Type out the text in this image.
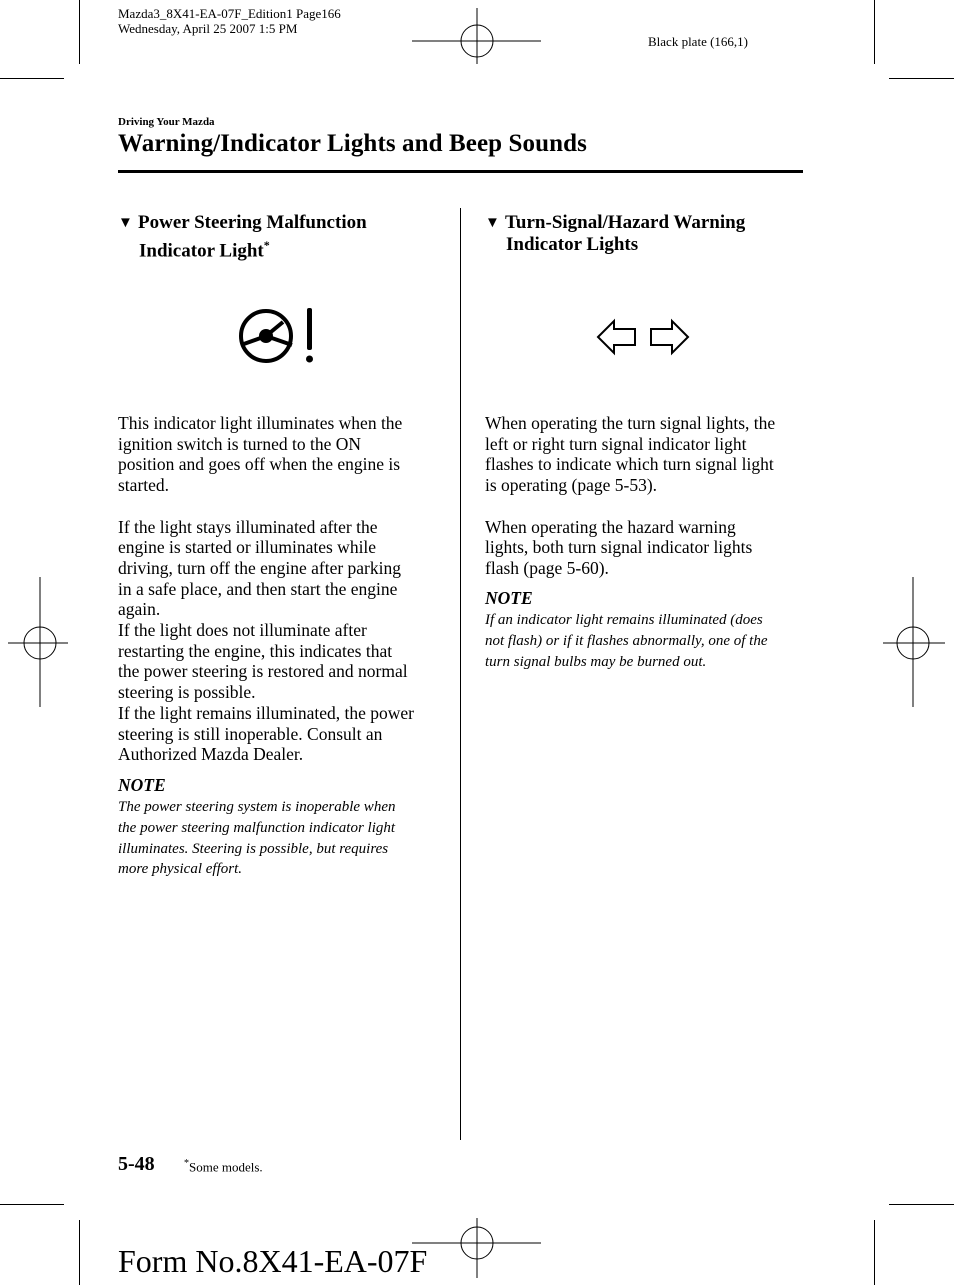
Mazda3_8X41-EA-07F_Edition1 Page166
Wednesday, April 25 2007 1:5 PM
Black plate (166,1)
Driving Your Mazda
Warning/Indicator Lights and Beep Sounds
▼ Power Steering Malfunction
Indicator Light*

This indicator light illuminates when the

ignition switch is turned to the ON

position and goes off when the engine is

started.

If the light stays illuminated after the

engine is started or illuminates while

driving, turn off the engine after parking

in a safe place, and then start the engine

again.

If the light does not illuminate after

restarting the engine, this indicates that

the power steering is restored and normal

steering is possible.

If the light remains illuminated, the power

steering is still inoperable. Consult an

Authorized Mazda Dealer.

NOTE
The power steering system is inoperable when
the power steering malfunction indicator light
illuminates. Steering is possible, but requires
more physical effort.
▼ Turn-Signal/Hazard Warning
Indicator Lights

When operating the turn signal lights, the

left or right turn signal indicator light

flashes to indicate which turn signal light

is operating (page 5-53).

When operating the hazard warning

lights, both turn signal indicator lights

flash (page 5-60).

NOTE
If an indicator light remains illuminated (does
not flash) or if it flashes abnormally, one of the
turn signal bulbs may be burned out.
5-48	*Some models.
Form No.8X41-EA-07F
